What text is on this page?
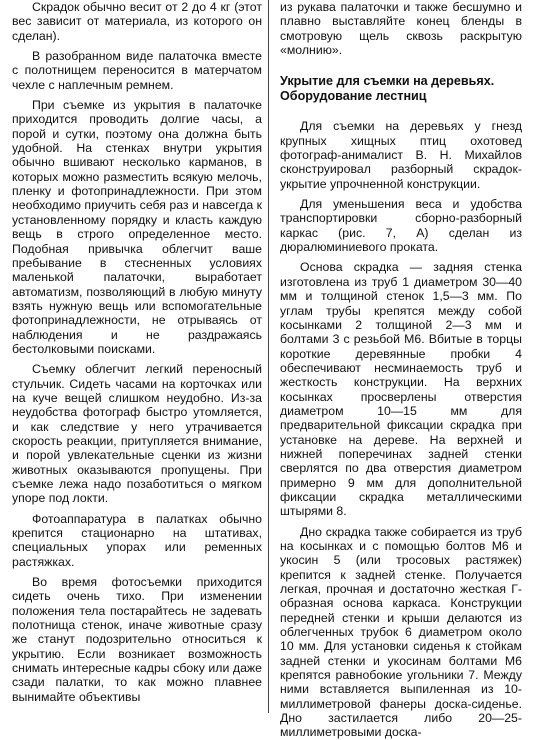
Скрадок обычно весит от 2 до 4 кг (этот вес зависит от материала, из которого он сделан).

В разобранном виде палаточка вместе с полотнищем переносится в матерчатом чехле с наплечным ремнем.

При съемке из укрытия в палаточке приходится проводить долгие часы, а порой и сутки, поэтому она должна быть удобной. На стенках внутри укрытия обычно вшивают несколько карманов, в которых можно разместить всякую мелочь, пленку и фотопринадлежности. При этом необходимо приучить себя раз и навсегда к установленному порядку и класть каждую вещь в строго определенное место. Подобная привычка облегчит ваше пребывание в стесненных условиях маленькой палаточки, выработает автоматизм, позволяющий в любую минуту взять нужную вещь или вспомогательные фотопринадлежности, не отрываясь от наблюдения и не раздражаясь бестолковыми поисками.

Съемку облегчит легкий переносный стульчик. Сидеть часами на корточках или на куче вещей слишком неудобно. Из-за неудобства фотограф быстро утомляется, и как следствие у него утрачивается скорость реакции, притупляется внимание, и порой увлекательные сценки из жизни животных оказываются пропущены. При съемке лежа надо позаботиться о мягком упоре под локти.

Фотоаппаратура в палатках обычно крепится стационарно на штативах, специальных упорах или ременных растяжках.

Во время фотосъемки приходится сидеть очень тихо. При изменении положения тела постарайтесь не задевать полотнища стенок, иначе животные сразу же станут подозрительно относиться к укрытию. Если возникает возможность снимать интересные кадры сбоку или даже сзади палатки, то как можно плавнее вынимайте объективы

из рукава палаточки и также бесшумно и плавно выставляйте конец бленды в смотровую щель сквозь раскрытую «молнию».

Укрытие для съемки на деревьях. Оборудование лестниц

Для съемки на деревьях у гнезд крупных хищных птиц охотовед фотограф-анималист В. Н. Михайлов сконструировал разборный скрадок-укрытие упрочненной конструкции.

Для уменьшения веса и удобства транспортировки сборно-разборный каркас (рис. 7, А) сделан из дюралюминиевого проката.

Основа скрадка — задняя стенка изготовлена из труб 1 диаметром 30—40 мм и толщиной стенок 1,5—3 мм. По углам трубы крепятся между собой косынками 2 толщиной 2—3 мм и болтами 3 с резьбой М6. Вбитые в торцы короткие деревянные пробки 4 обеспечивают несминаемость труб и жесткость конструкции. На верхних косынках просверлены отверстия диаметром 10—15 мм для предварительной фиксации скрадка при установке на дереве. На верхней и нижней поперечинах задней стенки сверлятся по два отверстия диаметром примерно 9 мм для дополнительной фиксации скрадка металлическими штырями 8.

Дно скрадка также собирается из труб на косынках и с помощью болтов М6 и укосин 5 (или тросовых растяжек) крепится к задней стенке. Получается легкая, прочная и достаточно жесткая Г-образная основа каркаса. Конструкции передней стенки и крыши делаются из облегченных трубок 6 диаметром около 10 мм. Для установки сиденья к стойкам задней стенки и укосинам болтами М6 крепятся равнобокие угольники 7. Между ними вставляется выпиленная из 10-миллиметровой фанеры доска-сиденье. Дно застилается либо 20—25-миллиметровыми доска-
